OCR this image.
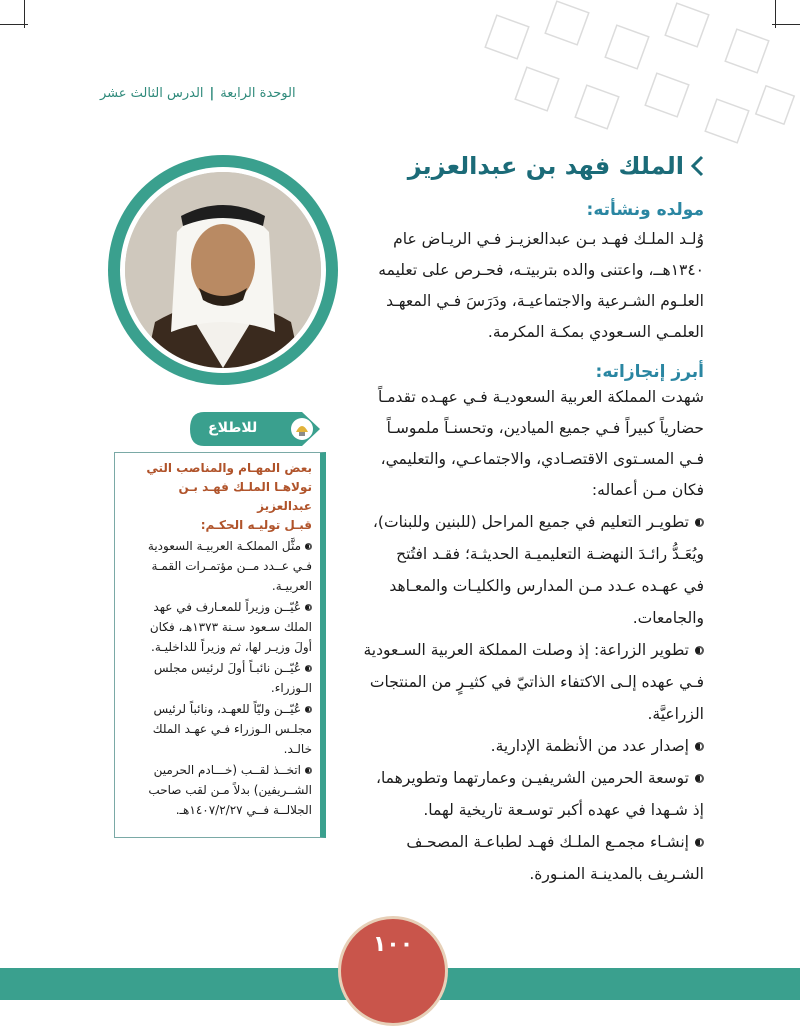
الوحدة الرابعة|الدرس الثالث عشر
الملك فهد بن عبدالعزيز
مولده ونشأته:
وُلـد الملـك فهـد بـن عبدالعزيـز فـي الريـاض عام
١٣٤٠هــ، واعتنى والده بتربيتـه، فحـرص على تعليمه
العلـوم الشـرعية والاجتماعيـة، ودَرَسَ فـي المعهـد
العلمـي السـعودي بمكـة المكرمة.
أبرز إنجازاته:
شهدت المملكة العربية السعوديـة فـي عهـده تقدمـاً
حضارياً كبيراً فـي جميع الميادين، وتحسنـاً ملموسـاً
فـي المسـتوى الاقتصـادي، والاجتماعـي، والتعليمي،
فكان مـن أعماله:
تطويـر التعليم في جميع المراحل (للبنين وللبنات)،
ويُعَـدُّ رائـدَ النهضـة التعليميـة الحديثـة؛ فقـد افتُتح
في عهـده عـدد مـن المدارس والكليـات والمعـاهد
والجامعات.
تطوير الزراعة: إذ وصلت المملكة العربية السـعودية
فـي عهده إلـى الاكتفاء الذاتيّ في كثيـرٍ من المنتجات
الزراعيَّة.
إصدار عدد من الأنظمة الإدارية.
توسعة الحرمين الشريفيـن وعمارتهما وتطويرهما،
إذ شـهدا في عهده أكبر توسـعة تاريخية لهما.
إنشـاء مجمـع الملـك فهـد لطباعـة المصحـف
الشـريف بالمدينـة المنـورة.
للاطلاع
بعض المهـام والمناصب التي
تولاهـا الملـك فهـد بـن عبدالعزيز
قبـل توليـه الحكـم:
مثَّل المملكـة العربيـة السعودية
فـي عــدد مــن مؤتمـرات القمـة
العربيـة.
عُيّــن وزيراً للمعـارف في عهد
الملك سـعود سـنة ١٣٧٣هـ، فكان
أولَ وزيـر لها، ثم وزيراً للداخليـة.
عُيّــن نائبـاً أولَ لرئيس مجلس
الـوزراء.
عُيّــن وليّاً للعهـد، ونائباً لرئيس
مجلـس الـوزراء فـي عهـد الملك
خالـد.
اتخــذ لقــب (خـــادم الحرمين
الشــريفين) بدلاً مـن لقب صاحب
الجلالــة فــي ١٤٠٧/٢/٢٧هـ.
١٠٠
